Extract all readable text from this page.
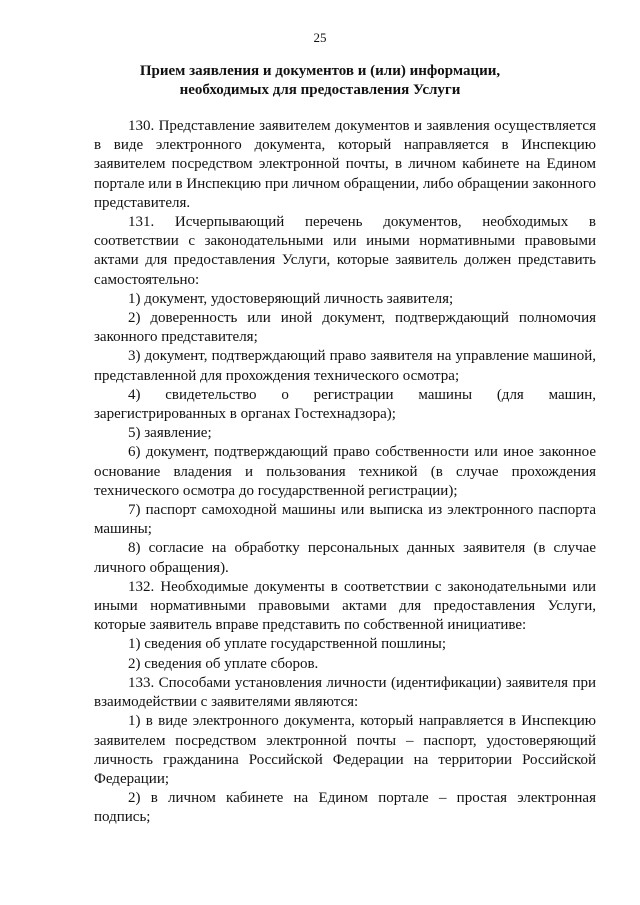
25
Прием заявления и документов и (или) информации,
необходимых для предоставления Услуги

130. Представление заявителем документов и заявления осуществляется в виде электронного документа, который направляется в Инспекцию заявителем посредством электронной почты, в личном кабинете на Едином портале или в Инспекцию при личном обращении, либо обращении законного представителя.

131. Исчерпывающий перечень документов, необходимых в соответствии с законодательными или иными нормативными правовыми актами для предоставления Услуги, которые заявитель должен представить самостоятельно:

1) документ, удостоверяющий личность заявителя;

2) доверенность или иной документ, подтверждающий полномочия законного представителя;

3) документ, подтверждающий право заявителя на управление машиной, представленной для прохождения технического осмотра;

4) свидетельство о регистрации машины (для машин, зарегистрированных в органах Гостехнадзора);

5) заявление;

6) документ, подтверждающий право собственности или иное законное основание владения и пользования техникой (в случае прохождения технического осмотра до государственной регистрации);

7) паспорт самоходной машины или выписка из электронного паспорта машины;

8) согласие на обработку персональных данных заявителя (в случае личного обращения).

132. Необходимые документы в соответствии с законодательными или иными нормативными правовыми актами для предоставления Услуги, которые заявитель вправе представить по собственной инициативе:

1) сведения об уплате государственной пошлины;

2) сведения об уплате сборов.

133. Способами установления личности (идентификации) заявителя при взаимодействии с заявителями являются:

1) в виде электронного документа, который направляется в Инспекцию заявителем посредством электронной почты – паспорт, удостоверяющий личность гражданина Российской Федерации на территории Российской Федерации;

2) в личном кабинете на Едином портале – простая электронная подпись;
